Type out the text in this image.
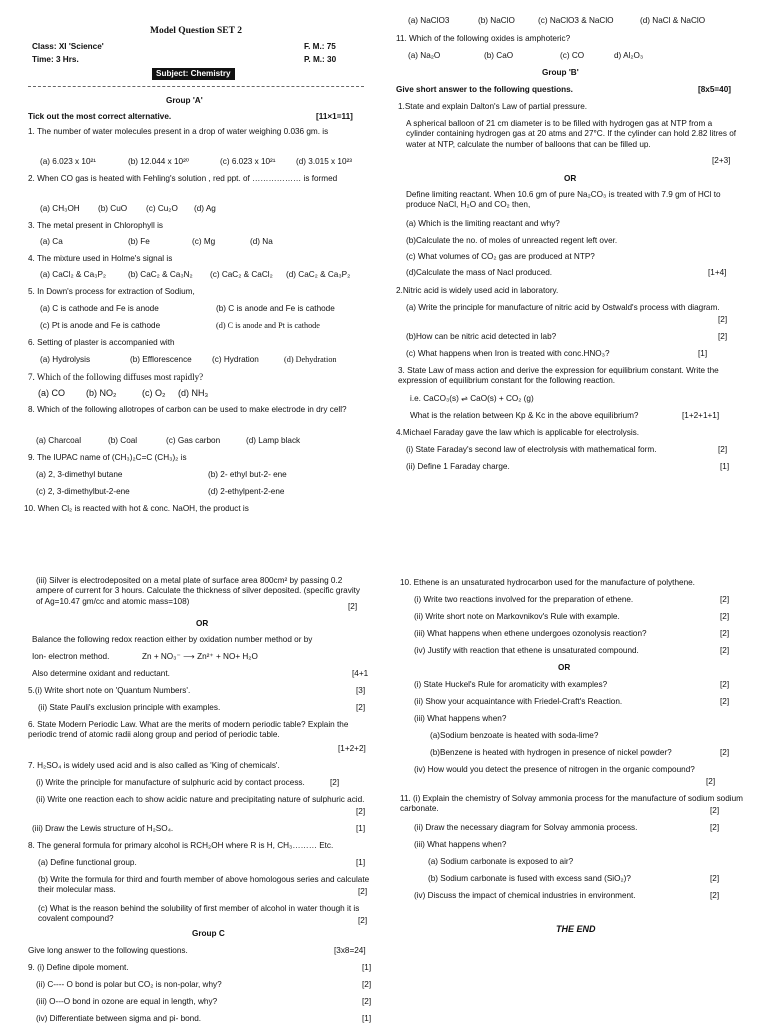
Model Question SET 2
Class: XI 'Science'	F. M.: 75
Time: 3 Hrs.	P. M.: 30
Subject: Chemistry
Group 'A'
Tick out the most correct alternative.	[11×1=11]
1. The number of water molecules present in a drop of water weighing 0.036 gm. is
(a) 6.023 x 10²¹	(b) 12.044 x 10²⁰	(c) 6.023 x 10²¹ (d) 3.015 x 10²³
2. When CO gas is heated with Fehling's solution , red ppt. of ……………… is formed
(a) CH₃OH (b) CuO (c) Cu₂O (d) Ag
3. The metal present in Chlorophyll is
(a) Ca	(b) Fe	(c) Mg	(d) Na
4. The mixture used in Holme's signal is
(a) CaCl₂ & Ca₃P₂	(b) CaC₂ & Ca₃N₂ (c) CaC₂ & CaCl₂ (d) CaC₂ & Ca₃P₂
5. In Down's process for extraction of Sodium,
(a) C is cathode and Fe is anode	(b) C is anode and Fe is cathode
(c) Pt is anode and Fe is cathode	(d) C is anode and Pt is cathode
6. Setting of plaster is accompanied with
(a) Hydrolysis	(b) Efflorescence (c) Hydration	(d) Dehydration
7. Which of the following diffuses most rapidly?
(a) CO (b) NO₂	(c) O₂ (d) NH₃
8. Which of the following allotropes of carbon can be used to make electrode in dry cell?
(a) Charcoal	(b) Coal	(c) Gas carbon	(d) Lamp black
9. The IUPAC name of (CH₃)₂C=C (CH₃)₂ is
(a) 2, 3-dimethyl butane	(b) 2- ethyl but-2- ene
(c) 2, 3-dimethylbut-2-ene	(d) 2-ethylpent-2-ene
10. When Cl₂ is reacted with hot & conc. NaOH, the product is
(a) NaClO3	(b) NaClO	(c) NaClO3 & NaClO	(d) NaCl & NaClO
11. Which of the following oxides is amphoteric?
(a) Na₂O	(b) CaO	(c) CO	d) Al₂O₃
Group 'B'
Give short answer to the following questions.	[8x5=40]
1.State and explain Dalton's Law of partial pressure.
A spherical balloon of 21 cm diameter is to be filled with hydrogen gas at NTP from a cylinder containing hydrogen gas at 20 atms and 27°C. If the cylinder can hold 2.82 litres of water at NTP, calculate the number of balloons that can be filled up.
[2+3]
OR
Define limiting reactant. When 10.6 gm of pure Na₂CO₃ is treated with 7.9 gm of HCl to produce NaCl, H₂O and CO₂ then,
(a) Which is the limiting reactant and why?
(b)Calculate the no. of moles of unreacted regent left over.
(c) What volumes of CO₂ gas are produced at NTP?
(d)Calculate the mass of Nacl produced.	[1+4]
2.Nitric acid is widely used acid in laboratory.
(a) Write the principle for manufacture of nitric acid by Ostwald's process with diagram.
[2]
(b)How can be nitric acid detected in lab?	[2]
(c) What happens when Iron is treated with conc.HNO₃?	[1]
3. State Law of mass action and derive the expression for equilibrium constant. Write the expression of equilibrium constant for the following reaction.
i.e. CaCO₃(s) ⇌ CaO(s) + CO₂ (g)
What is the relation between Kp & Kc in the above equilibrium?	[1+2+1+1]
4.Michael Faraday gave the law which is applicable for electrolysis.
(i) State Faraday's second law of electrolysis with mathematical form.	[2]
(ii) Define 1 Faraday charge.	[1]
(iii) Silver is electrodeposited on a metal plate of surface area 800cm² by passing 0.2 ampere of current for 3 hours. Calculate the thickness of silver deposited. (specific gravity of Ag=10.47 gm/cc and atomic mass=108)
[2]
OR
Balance the following redox reaction either by oxidation number method or by
Ion- electron method.	Zn + NO₃⁻ ⟶ Zn²⁺ + NO+ H₂O
Also determine oxidant and reductant.	[4+1
5.(i) Write short note on 'Quantum Numbers'.	[3]
(ii) State Pauli's exclusion principle with examples.	[2]
6. State Modern Periodic Law. What are the merits of modern periodic table? Explain the periodic trend of atomic radii along group and period of periodic table.
[1+2+2]
7. H₂SO₄ is widely used acid and is also called as 'King of chemicals'.
(i) Write the principle for manufacture of sulphuric acid by contact process.	[2]
(ii) Write one reaction each to show acidic nature and precipitating nature of sulphuric acid.
[2]
(iii) Draw the Lewis structure of H₂SO₄.	[1]
8. The general formula for primary alcohol is RCH₂OH where R is H, CH₃……… Etc.
(a) Define functional group.	[1]
(b) Write the formula for third and fourth member of above homologous series and calculate their molecular mass.	[2]
(c) What is the reason behind the solubility of first member of alcohol in water though it is covalent compound?	[2]
Group C
Give long answer to the following questions.	[3x8=24]
9. (i) Define dipole moment.	[1]
(ii) C---- O bond is polar but CO₂ is non-polar, why?	[2]
(iii) O---O bond in ozone are equal in length, why?	[2]
(iv) Differentiate between sigma and pi- bond.	[1]
10. Ethene is an unsaturated hydrocarbon used for the manufacture of polythene.
(i) Write two reactions involved for the preparation of ethene.	[2]
(ii) Write short note on Markovnikov's Rule with example.	[2]
(iii) What happens when ethene undergoes ozonolysis reaction?	[2]
(iv) Justify with reaction that ethene is unsaturated compound.	[2]
OR
(i) State Huckel's Rule for aromaticity with examples?	[2]
(ii) Show your acquaintance with Friedel-Craft's Reaction.	[2]
(iii) What happens when?
(a)Sodium benzoate is heated with soda-lime?
(b)Benzene is heated with hydrogen in presence of nickel powder?	[2]
(iv) How would you detect the presence of nitrogen in the organic compound?
[2]
11. (i) Explain the chemistry of Solvay ammonia process for the manufacture of sodium sodium carbonate.	[2]
(ii) Draw the necessary diagram for Solvay ammonia process.	[2]
(iii) What happens when?
(a) Sodium carbonate is exposed to air?
(b) Sodium carbonate is fused with excess sand (SiO₂)?	[2]
(iv) Discuss the impact of chemical industries in environment.	[2]
THE END
